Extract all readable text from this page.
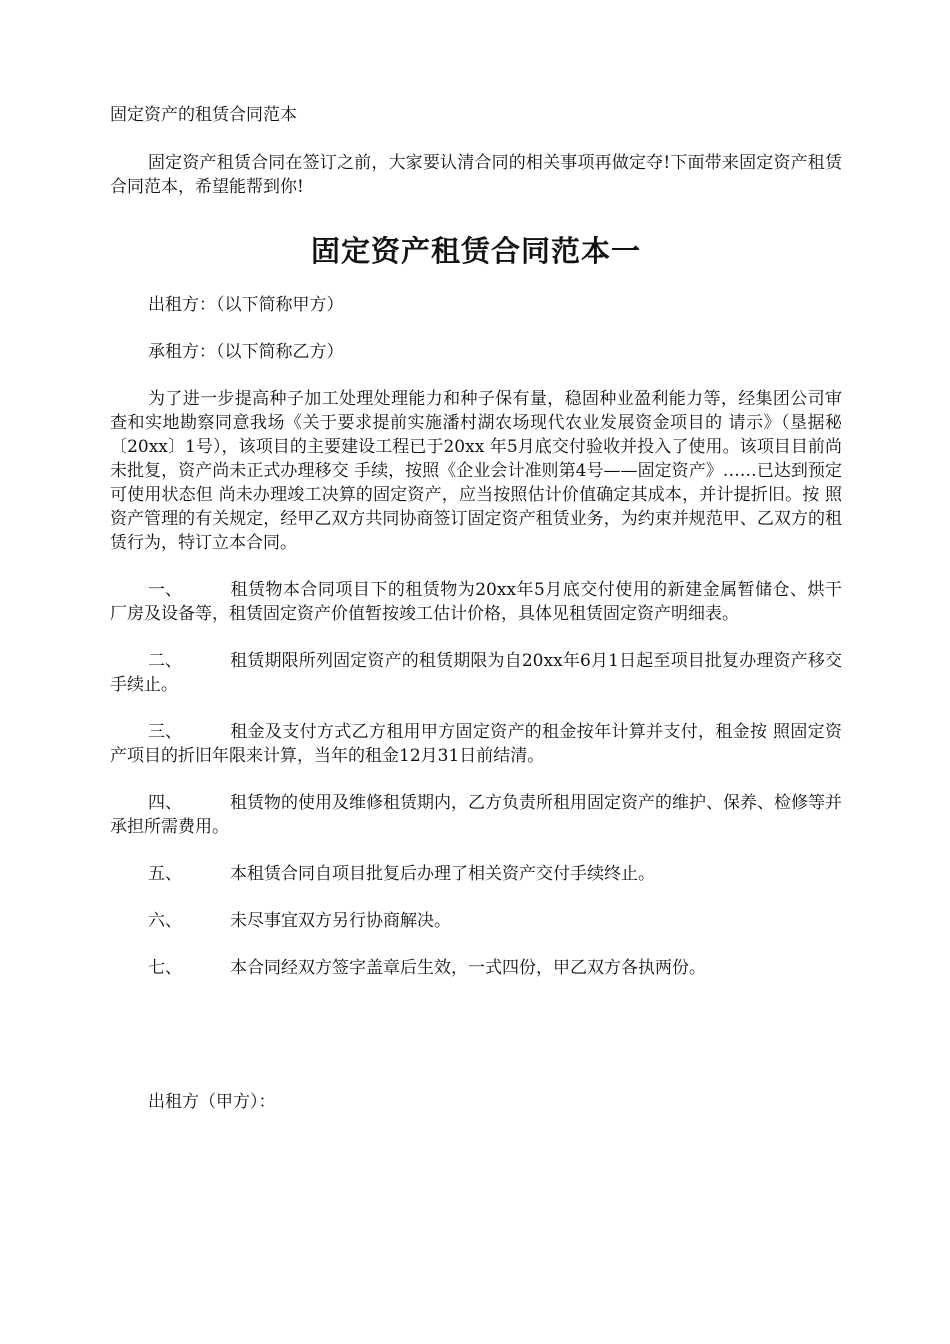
固定资产的租赁合同范本

固定资产租赁合同在签订之前，大家要认清合同的相关事项再做定夺!下面带来固定资产租赁合同范本，希望能帮到你!

固定资产租赁合同范本一

出租方：（以下简称甲方）

承租方：（以下简称乙方）

为了进一步提高种子加工处理处理能力和种子保有量，稳固种业盈利能力等，经集团公司审查和实地勘察同意我场《关于要求提前实施潘村湖农场现代农业发展资金项目的 请示》（垦据秘〔20xx〕1号），该项目的主要建设工程已于20xx 年5月底交付验收并投入了使用。该项目目前尚未批复，资产尚未正式办理移交 手续，按照《企业会计准则第4号——固定资产》……已达到预定可使用状态但 尚未办理竣工决算的固定资产，应当按照估计价值确定其成本，并计提折旧。按 照资产管理的有关规定，经甲乙双方共同协商签订固定资产租赁业务，为约束并规范甲、乙双方的租赁行为，特订立本合同。

一、	租赁物本合同项目下的租赁物为20xx年5月底交付使用的新建金属暂储仓、烘干厂房及设备等，租赁固定资产价值暂按竣工估计价格，具体见租赁固定资产明细表。

二、	租赁期限所列固定资产的租赁期限为自20xx年6月1日起至项目批复办理资产移交手续止。

三、	租金及支付方式乙方租用甲方固定资产的租金按年计算并支付，租金按 照固定资产项目的折旧年限来计算，当年的租金12月31日前结清。

四、	租赁物的使用及维修租赁期内，乙方负责所租用固定资产的维护、保养、检修等并承担所需费用。

五、	本租赁合同自项目批复后办理了相关资产交付手续终止。

六、	未尽事宜双方另行协商解决。

七、	本合同经双方签字盖章后生效，一式四份，甲乙双方各执两份。

出租方（甲方）：
